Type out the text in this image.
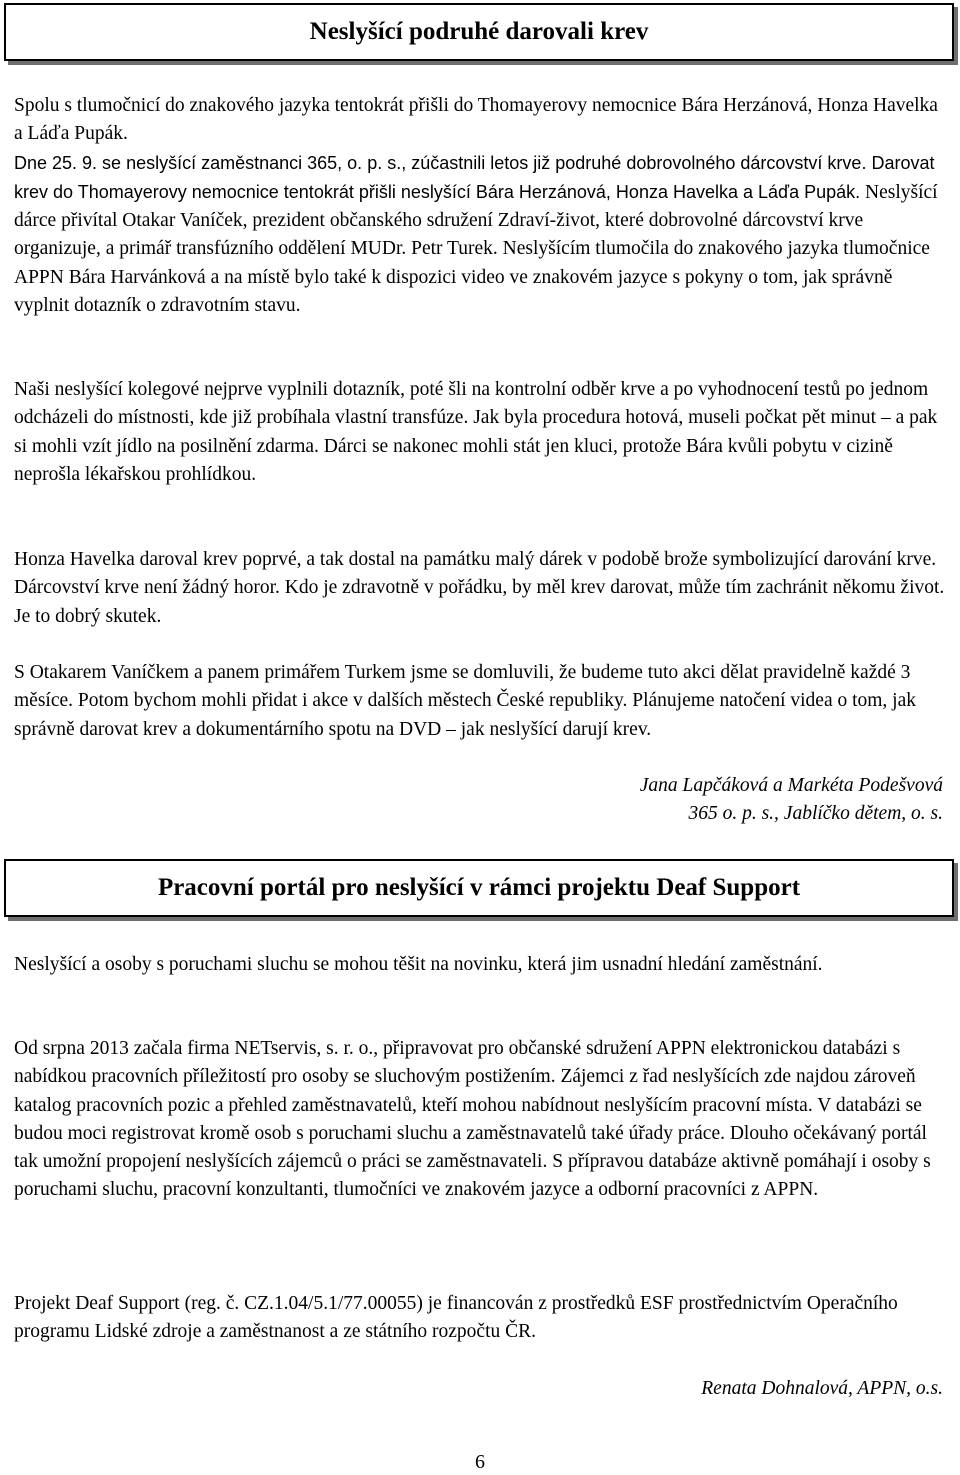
Neslyšící podruhé darovali krev

Spolu s tlumočnicí do znakového jazyka tentokrát přišli do Thomayerovy nemocnice Bára Herzánová, Honza Havelka a Láďa Pupák.
Dne 25. 9. se neslyšící zaměstnanci 365, o. p. s., zúčastnili letos již podruhé dobrovolného dárcovství krve. Darovat krev do Thomayerovy nemocnice tentokrát přišli neslyšící Bára Herzánová, Honza Havelka a Láďa Pupák. Neslyšící dárce přivítal Otakar Vaníček, prezident občanského sdružení Zdraví-život, které dobrovolné dárcovství krve organizuje, a primář transfúzního oddělení MUDr. Petr Turek. Neslyšícím tlumočila do znakového jazyka tlumočnice APPN Bára Harvánková a na místě bylo také k dispozici video ve znakovém jazyce s pokyny o tom, jak správně vyplnit dotazník o zdravotním stavu.

Naši neslyšící kolegové nejprve vyplnili dotazník, poté šli na kontrolní odběr krve a po vyhodnocení testů po jednom odcházeli do místnosti, kde již probíhala vlastní transfúze. Jak byla procedura hotová, museli počkat pět minut – a pak si mohli vzít jídlo na posilnění zdarma. Dárci se nakonec mohli stát jen kluci, protože Bára kvůli pobytu v cizině neprošla lékařskou prohlídkou.

Honza Havelka daroval krev poprvé, a tak dostal na památku malý dárek v podobě brože symbolizující darování krve. Dárcovství krve není žádný horor. Kdo je zdravotně v pořádku, by měl krev darovat, může tím zachránit někomu život. Je to dobrý skutek.

S Otakarem Vaníčkem a panem primářem Turkem jsme se domluvili, že budeme tuto akci dělat pravidelně každé 3 měsíce. Potom bychom mohli přidat i akce v dalších městech České republiky. Plánujeme natočení videa o tom, jak správně darovat krev a dokumentárního spotu na DVD – jak neslyšící darují krev.

Jana Lapčáková a Markéta Podešvová

365 o. p. s., Jablíčko dětem, o. s.

Pracovní portál pro neslyšící v rámci projektu Deaf Support

Neslyšící a osoby s poruchami sluchu se mohou těšit na novinku, která jim usnadní hledání zaměstnání.

Od srpna 2013 začala firma NETservis, s. r. o., připravovat pro občanské sdružení APPN elektronickou databázi s nabídkou pracovních příležitostí pro osoby se sluchovým postižením. Zájemci z řad neslyšících zde najdou zároveň katalog pracovních pozic a přehled zaměstnavatelů, kteří mohou nabídnout neslyšícím pracovní místa. V databázi se budou moci registrovat kromě osob s poruchami sluchu a zaměstnavatelů také úřady práce. Dlouho očekávaný portál tak umožní propojení neslyšících zájemců o práci se zaměstnavateli. S přípravou databáze aktivně pomáhají i osoby s poruchami sluchu, pracovní konzultanti, tlumočníci ve znakovém jazyce a odborní pracovníci z APPN.

Projekt Deaf Support (reg. č. CZ.1.04/5.1/77.00055) je financován z prostředků ESF prostřednictvím Operačního programu Lidské zdroje a zaměstnanost a ze státního rozpočtu ČR.

Renata Dohnalová, APPN, o.s.

6
